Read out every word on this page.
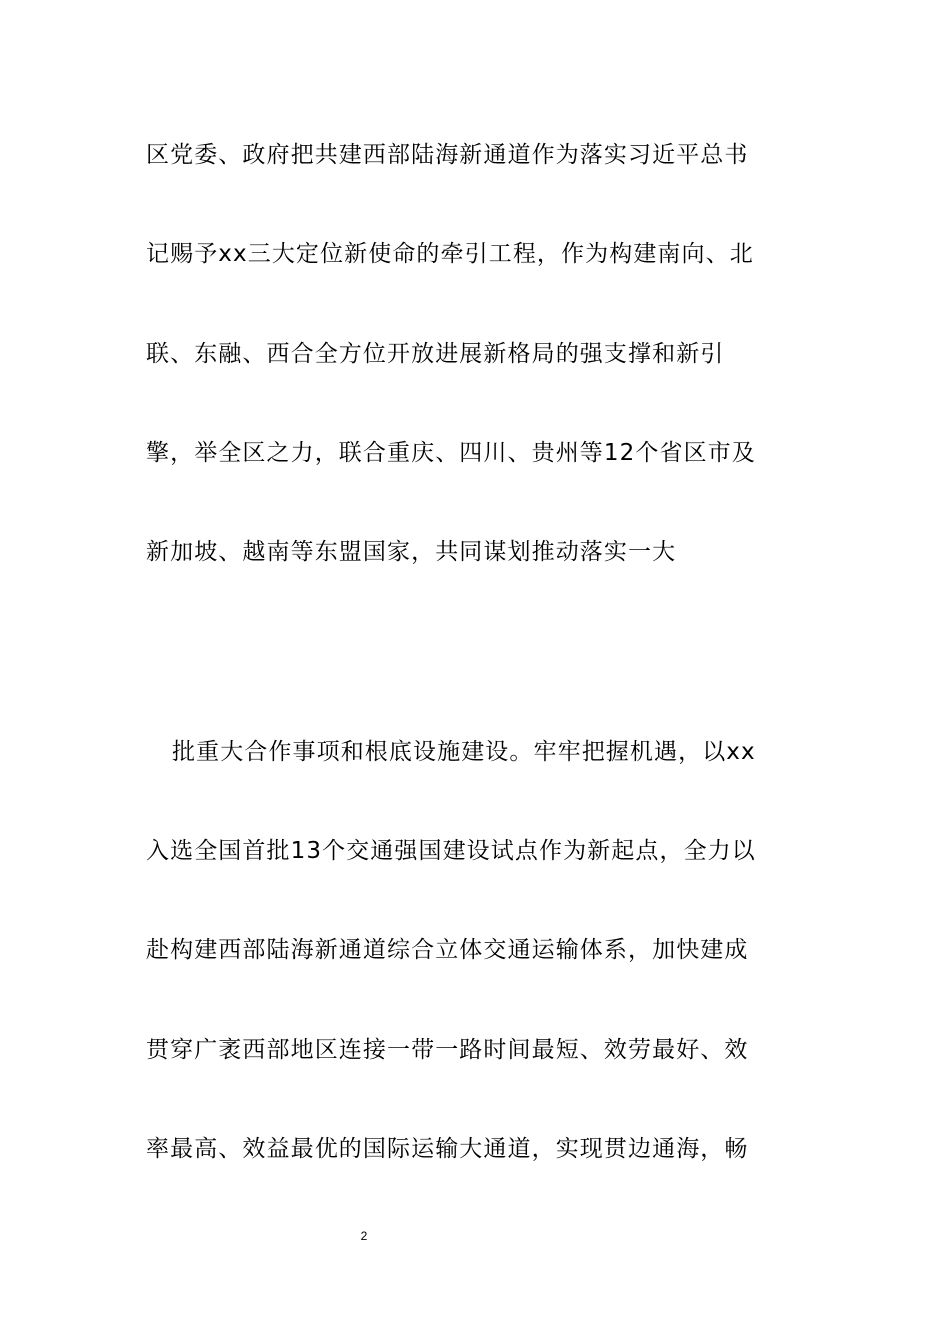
区党委、政府把共建西部陆海新通道作为落实习近平总书
记赐予xx三大定位新使命的牵引工程，作为构建南向、北
联、东融、西合全方位开放进展新格局的强支撑和新引
擎，举全区之力，联合重庆、四川、贵州等12个省区市及
新加坡、越南等东盟国家，共同谋划推动落实一大
批重大合作事项和根底设施建设。牢牢把握机遇，以xx
入选全国首批13个交通强国建设试点作为新起点，全力以
赴构建西部陆海新通道综合立体交通运输体系，加快建成
贯穿广袤西部地区连接一带一路时间最短、效劳最好、效
率最高、效益最优的国际运输大通道，实现贯边通海，畅
2
